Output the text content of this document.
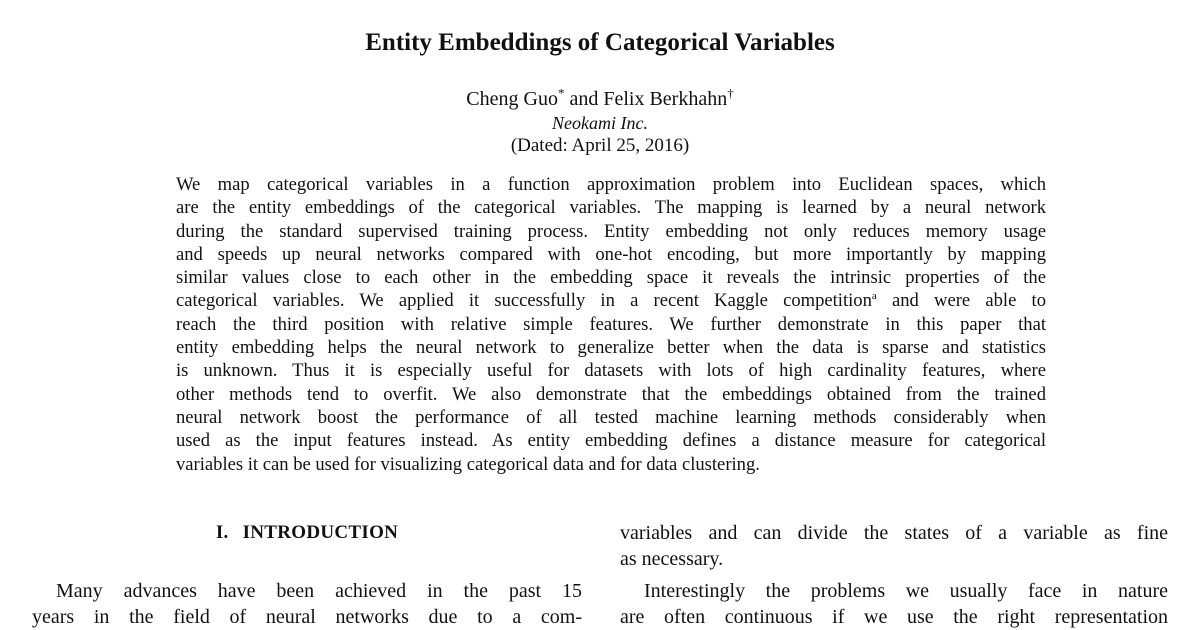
Entity Embeddings of Categorical Variables
Cheng Guo* and Felix Berkhahn†
Neokami Inc.
(Dated: April 25, 2016)
We map categorical variables in a function approximation problem into Euclidean spaces, which
are the entity embeddings of the categorical variables. The mapping is learned by a neural network
during the standard supervised training process. Entity embedding not only reduces memory usage
and speeds up neural networks compared with one-hot encoding, but more importantly by mapping
similar values close to each other in the embedding space it reveals the intrinsic properties of the
categorical variables. We applied it successfully in a recent Kaggle competition$^a$ and were able to
reach the third position with relative simple features. We further demonstrate in this paper that
entity embedding helps the neural network to generalize better when the data is sparse and statistics
is unknown. Thus it is especially useful for datasets with lots of high cardinality features, where
other methods tend to overfit. We also demonstrate that the embeddings obtained from the trained
neural network boost the performance of all tested machine learning methods considerably when
used as the input features instead. As entity embedding defines a distance measure for categorical
variables it can be used for visualizing categorical data and for data clustering.
I. INTRODUCTION
Many advances have been achieved in the past 15
years in the field of neural networks due to a com-

variables and can divide the states of a variable as fine
as necessary.

Interestingly the problems we usually face in nature
are often continuous if we use the right representation
